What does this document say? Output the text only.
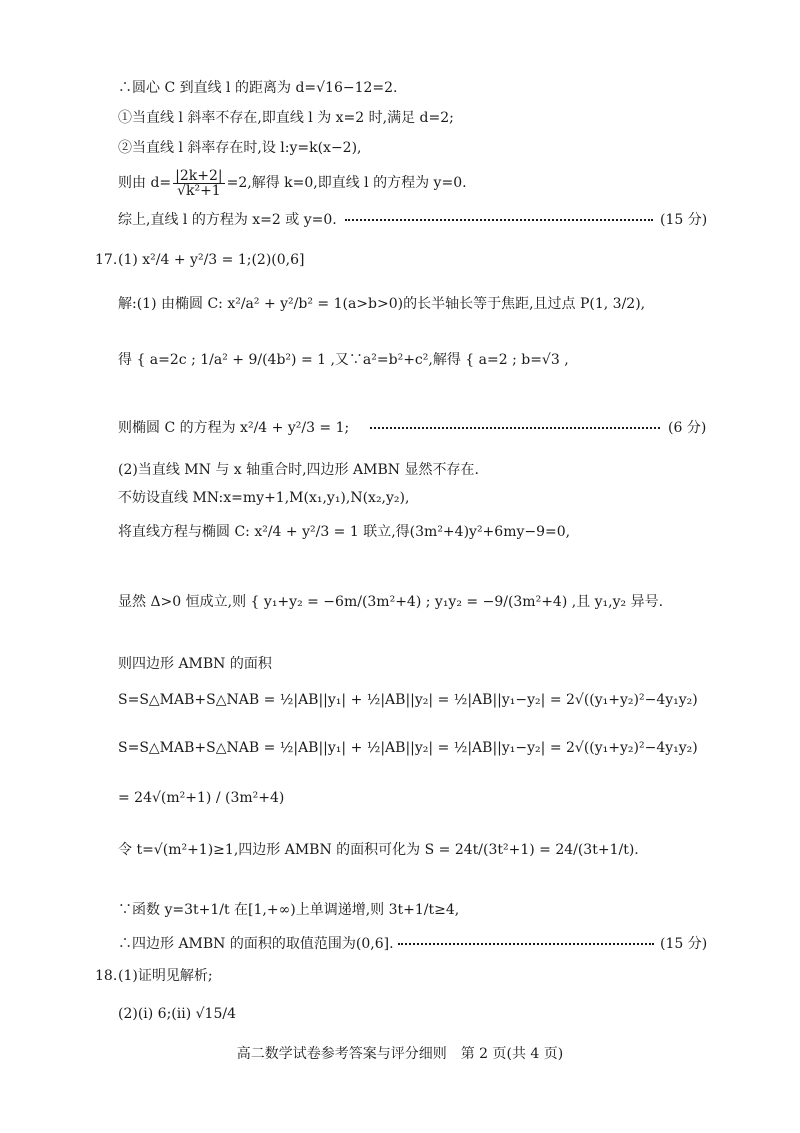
∴圆心 C 到直线 l 的距离为 d=√16−12=2.
①当直线 l 斜率不存在,即直线 l 为 x=2 时,满足 d=2;
②当直线 l 斜率存在时,设 l:y=k(x−2),
则由 $d= \frac{|2k+2|}{\text{√k²+1}} =2$,解得 k=0,即直线 l 的方程为 y=0.
综上,直线 l 的方程为 x=2 或 y=0.	(15 分)
17. (1) x²/4 + y²/3 = 1;(2)(0,6]
解:(1) 由椭圆 C: x²/a² + y²/b² = 1(a>b>0)的长半轴长等于焦距,且过点 P(1, 3/2),
得 { a=2c ; 1/a² + 9/(4b²) = 1 ,又∵a²=b²+c²,解得 { a=2 ; b=√3 ,
则椭圆 C 的方程为 x²/4 + y²/3 = 1;	(6 分)
(2)当直线 MN 与 x 轴重合时,四边形 AMBN 显然不存在.
不妨设直线 MN:x=my+1,M(x₁,y₁),N(x₂,y₂),
将直线方程与椭圆 C: x²/4 + y²/3 = 1 联立,得(3m²+4)y²+6my−9=0,
显然 Δ>0 恒成立,则 { y₁+y₂ = −6m/(3m²+4) ; y₁y₂ = −9/(3m²+4) ,且 y₁,y₂ 异号.
则四边形 AMBN 的面积
S=S△MAB+S△NAB = ½|AB||y₁| + ½|AB||y₂| = ½|AB||y₁−y₂| = 2√((y₁+y₂)²−4y₁y₂)
S=S△MAB+S△NAB = ½|AB||y₁| + ½|AB||y₂| = ½|AB||y₁−y₂| = 2√((y₁+y₂)²−4y₁y₂)
= 24√(m²+1) / (3m²+4)
令 t=√(m²+1)≥1,四边形 AMBN 的面积可化为 S = 24t/(3t²+1) = 24/(3t+1/t).
∵函数 y=3t+1/t 在[1,+∞)上单调递增,则 3t+1/t≥4,
∴四边形 AMBN 的面积的取值范围为(0,6].	(15 分)
18. (1)证明见解析;
(2)(ⅰ) 6;(ⅱ) √15/4
高二数学试卷参考答案与评分细则　第 2 页(共 4 页)
